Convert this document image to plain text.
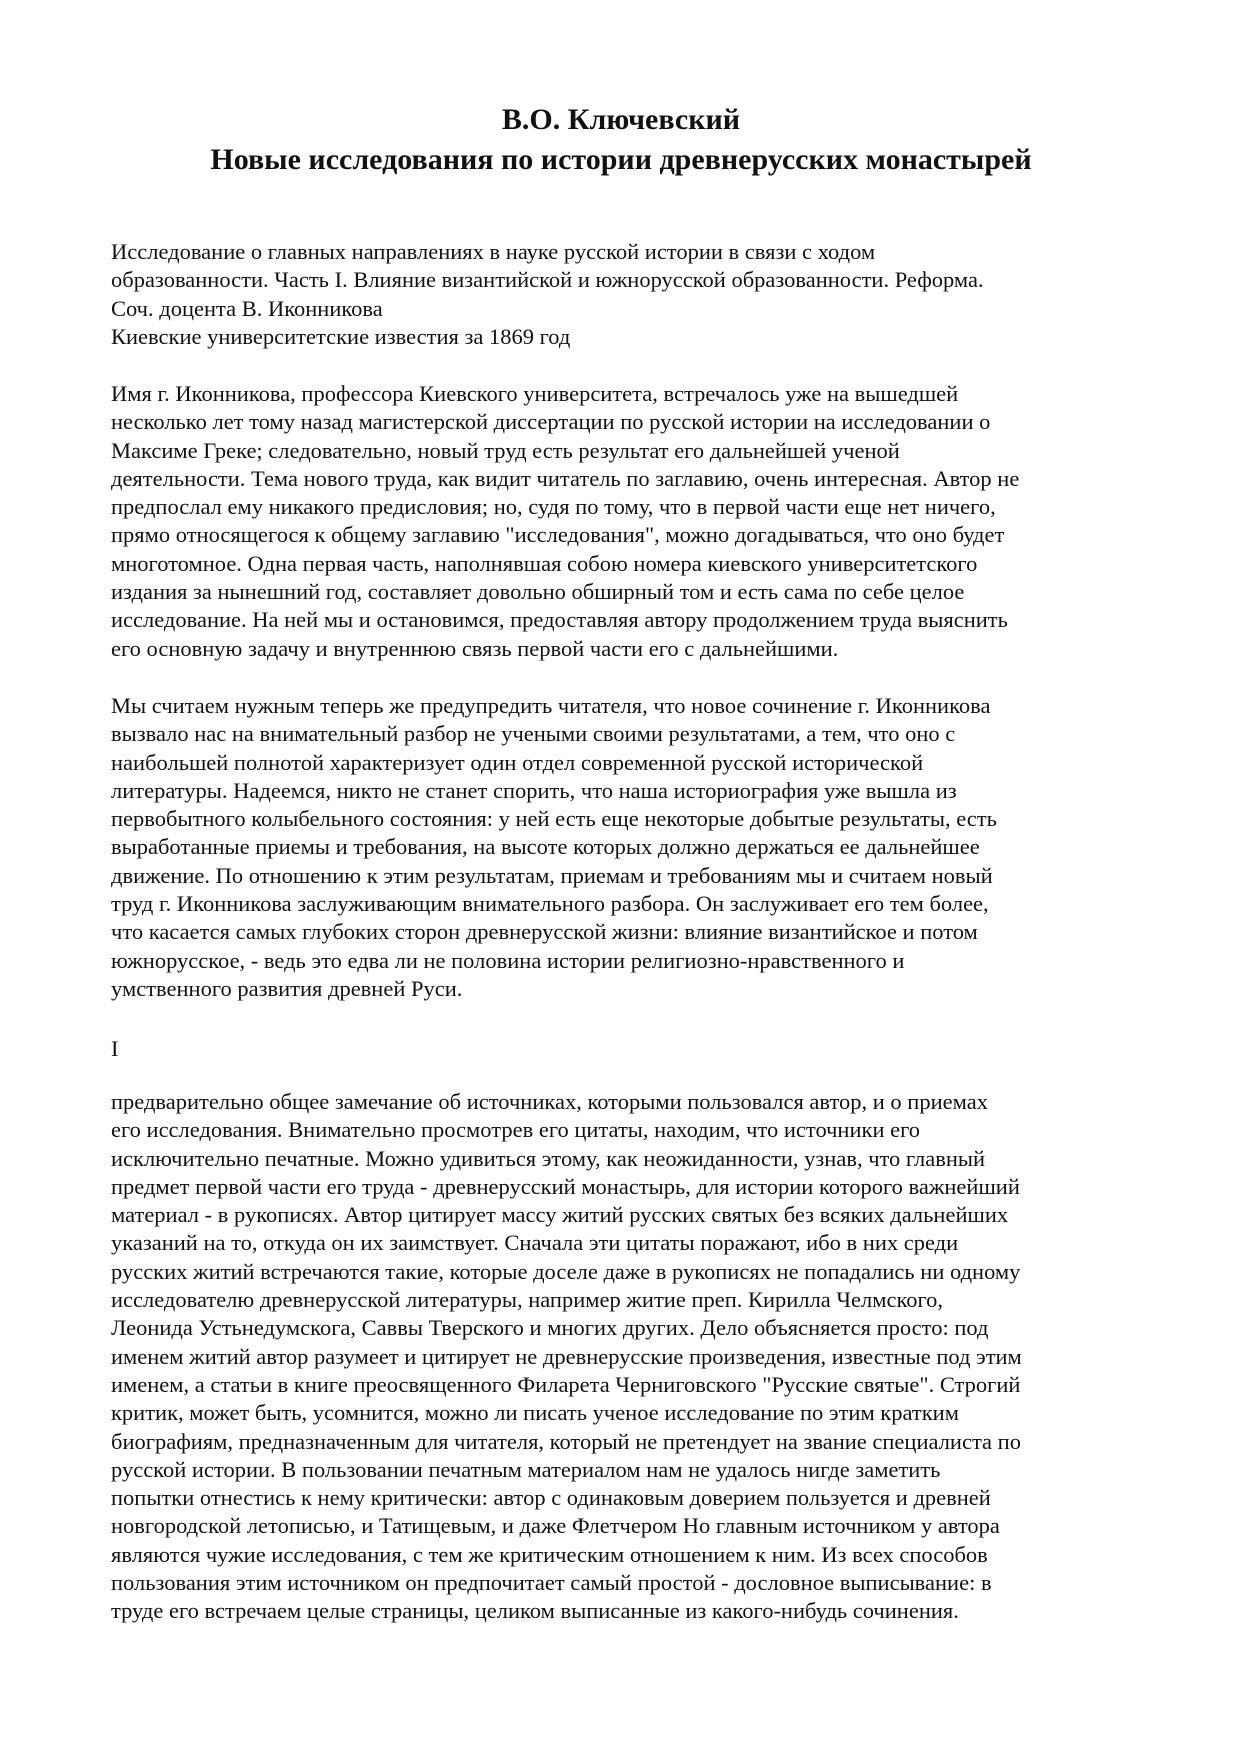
В.О. Ключевский
Новые исследования по истории древнерусских монастырей
Исследование о главных направлениях в науке русской истории в связи с ходом
образованности. Часть I. Влияние византийской и южнорусской образованности. Реформа.
Соч. доцента В. Иконникова
Киевские университетские известия за 1869 год
Имя г. Иконникова, профессора Киевского университета, встречалось уже на вышедшей
несколько лет тому назад магистерской диссертации по русской истории на исследовании о
Максиме Греке; следовательно, новый труд есть результат его дальнейшей ученой
деятельности. Тема нового труда, как видит читатель по заглавию, очень интересная. Автор не
предпослал ему никакого предисловия; но, судя по тому, что в первой части еще нет ничего,
прямо относящегося к общему заглавию "исследования", можно догадываться, что оно будет
многотомное. Одна первая часть, наполнявшая собою номера киевского университетского
издания за нынешний год, составляет довольно обширный том и есть сама по себе целое
исследование. На ней мы и остановимся, предоставляя автору продолжением труда выяснить
его основную задачу и внутреннюю связь первой части его с дальнейшими.
Мы считаем нужным теперь же предупредить читателя, что новое сочинение г. Иконникова
вызвало нас на внимательный разбор не учеными своими результатами, а тем, что оно с
наибольшей полнотой характеризует один отдел современной русской исторической
литературы. Надеемся, никто не станет спорить, что наша историография уже вышла из
первобытного колыбельного состояния: у ней есть еще некоторые добытые результаты, есть
выработанные приемы и требования, на высоте которых должно держаться ее дальнейшее
движение. По отношению к этим результатам, приемам и требованиям мы и считаем новый
труд г. Иконникова заслуживающим внимательного разбора. Он заслуживает его тем более,
что касается самых глубоких сторон древнерусской жизни: влияние византийское и потом
южнорусское, - ведь это едва ли не половина истории религиозно-нравственного и
умственного развития древней Руси.
I
предварительно общее замечание об источниках, которыми пользовался автор, и о приемах
его исследования. Внимательно просмотрев его цитаты, находим, что источники его
исключительно печатные. Можно удивиться этому, как неожиданности, узнав, что главный
предмет первой части его труда - древнерусский монастырь, для истории которого важнейший
материал - в рукописях. Автор цитирует массу житий русских святых без всяких дальнейших
указаний на то, откуда он их заимствует. Сначала эти цитаты поражают, ибо в них среди
русских житий встречаются такие, которые доселе даже в рукописях не попадались ни одному
исследователю древнерусской литературы, например житие преп. Кирилла Челмского,
Леонида Устьнедумскога, Саввы Тверского и многих других. Дело объясняется просто: под
именем житий автор разумеет и цитирует не древнерусские произведения, известные под этим
именем, а статьи в книге преосвященного Филарета Черниговского "Русские святые". Строгий
критик, может быть, усомнится, можно ли писать ученое исследование по этим кратким
биографиям, предназначенным для читателя, который не претендует на звание специалиста по
русской истории. В пользовании печатным материалом нам не удалось нигде заметить
попытки отнестись к нему критически: автор с одинаковым доверием пользуется и древней
новгородской летописью, и Татищевым, и даже Флетчером Но главным источником у автора
являются чужие исследования, с тем же критическим отношением к ним. Из всех способов
пользования этим источником он предпочитает самый простой - дословное выписывание: в
труде его встречаем целые страницы, целиком выписанные из какого-нибудь сочинения.
